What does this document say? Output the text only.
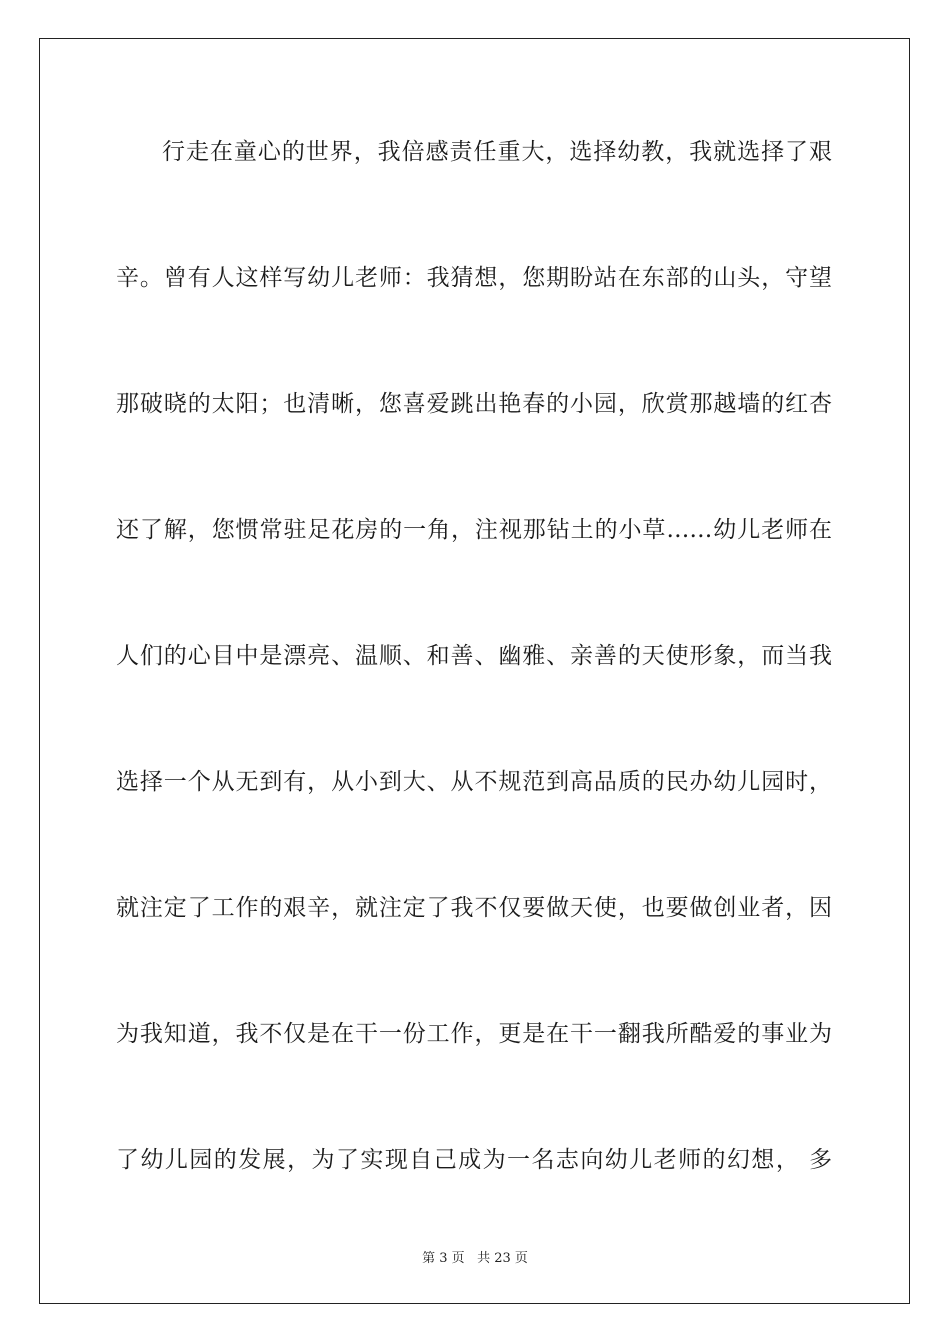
行走在童心的世界，我倍感责任重大，选择幼教，我就选择了艰
辛。曾有人这样写幼儿老师：我猜想，您期盼站在东部的山头，守望
那破晓的太阳；也清晰，您喜爱跳出艳春的小园，欣赏那越墙的红杏
还了解，您惯常驻足花房的一角，注视那钻土的小草……幼儿老师在
人们的心目中是漂亮、温顺、和善、幽雅、亲善的天使形象，而当我
选择一个从无到有，从小到大、从不规范到高品质的民办幼儿园时，
就注定了工作的艰辛，就注定了我不仅要做天使，也要做创业者，因
为我知道，我不仅是在干一份工作，更是在干一翻我所酷爱的事业为
了幼儿园的发展，为了实现自己成为一名志向幼儿老师的幻想， 多
第 3 页 共 23 页
